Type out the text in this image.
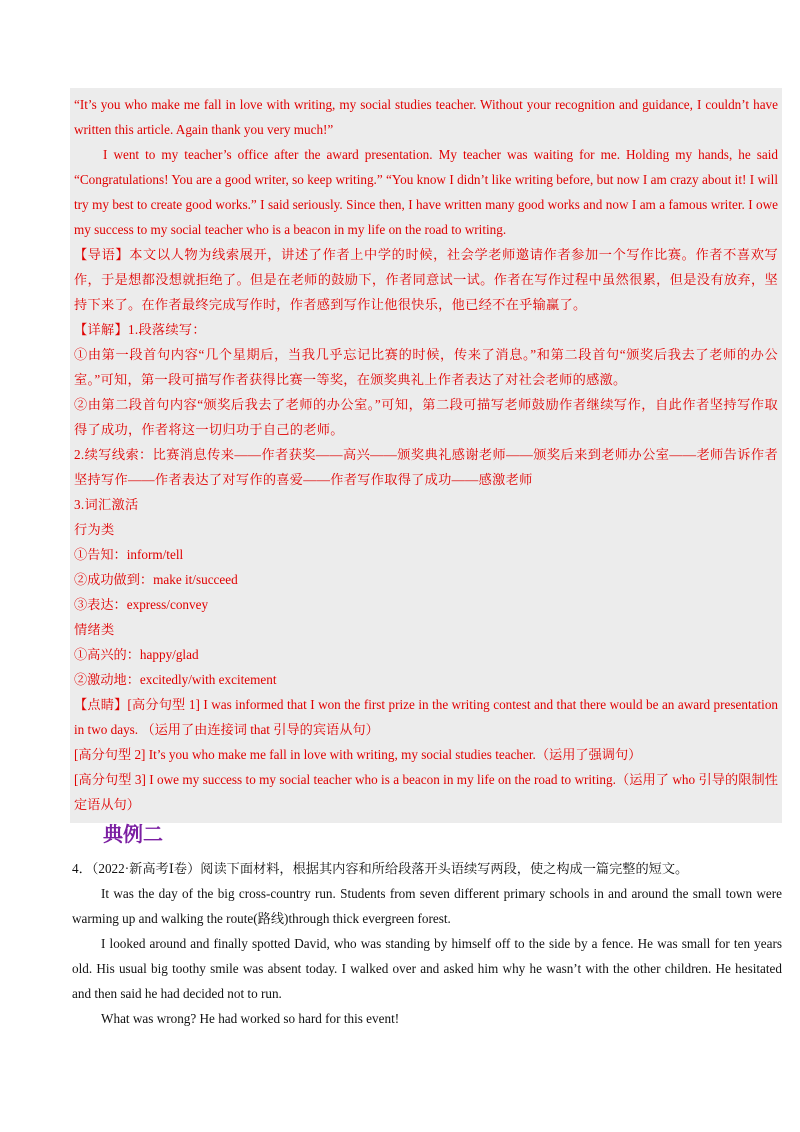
“It’s you who make me fall in love with writing, my social studies teacher. Without your recognition and guidance, I couldn’t have written this article. Again thank you very much!”

I went to my teacher’s office after the award presentation. My teacher was waiting for me. Holding my hands, he said “Congratulations! You are a good writer, so keep writing.” “You know I didn’t like writing before, but now I am crazy about it! I will try my best to create good works.” I said seriously. Since then, I have written many good works and now I am a famous writer. I owe my success to my social teacher who is a beacon in my life on the road to writing.

【导语】本文以人物为线索展开，讲述了作者上中学的时候，社会学老师邀请作者参加一个写作比赛。作者不喜欢写作，于是想都没想就拒绝了。但是在老师的鼓励下，作者同意试一试。作者在写作过程中虽然很累，但是没有放弃，坚持下来了。在作者最终完成写作时，作者感到写作让他很快乐，他已经不在乎输赢了。

【详解】1.段落续写：

①由第一段首句内容“几个星期后，当我几乎忘记比赛的时候，传来了消息。”和第二段首句“颁奖后我去了老师的办公室。”可知，第一段可描写作者获得比赛一等奖，在颁奖典礼上作者表达了对社会老师的感激。

②由第二段首句内容“颁奖后我去了老师的办公室。”可知，第二段可描写老师鼓励作者继续写作，自此作者坚持写作取得了成功，作者将这一切归功于自己的老师。

2.续写线索：比赛消息传来——作者获奖——高兴——颁奖典礼感谢老师——颁奖后来到老师办公室——老师告诉作者坚持写作——作者表达了对写作的喜爱——作者写作取得了成功——感激老师

3.词汇激活

行为类

①告知：inform/tell

②成功做到：make it/succeed

③表达：express/convey

情绪类

①高兴的：happy/glad

②激动地：excitedly/with excitement

【点睛】[高分句型 1] I was informed that I won the first prize in the writing contest and that there would be an award presentation in two days. （运用了由连接词 that 引导的宾语从句）

[高分句型 2] It’s you who make me fall in love with writing, my social studies teacher.（运用了强调句）

[高分句型 3] I owe my success to my social teacher who is a beacon in my life on the road to writing.（运用了 who 引导的限制性定语从句）

典例二

4．（2022·新高考Ⅰ卷）阅读下面材料，根据其内容和所给段落开头语续写两段，使之构成一篇完整的短文。

It was the day of the big cross-country run. Students from seven different primary schools in and around the small town were warming up and walking the route(路线)through thick evergreen forest.

I looked around and finally spotted David, who was standing by himself off to the side by a fence. He was small for ten years old. His usual big toothy smile was absent today. I walked over and asked him why he wasn’t with the other children. He hesitated and then said he had decided not to run.

What was wrong? He had worked so hard for this event!
